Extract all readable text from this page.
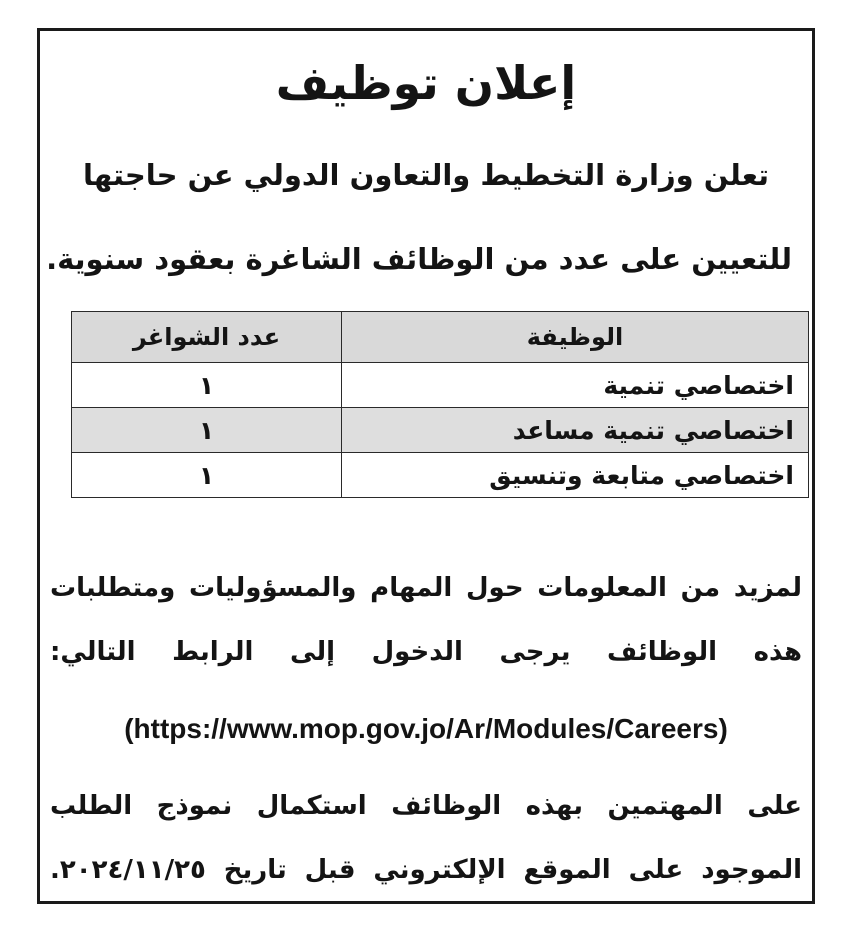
إعلان توظيف

تعلن وزارة التخطيط والتعاون الدولي عن حاجتها

للتعيين على عدد من الوظائف الشاغرة بعقود سنوية.

الوظيفة	عدد الشواغر
اختصاصي تنمية	١
اختصاصي تنمية مساعد	١
اختصاصي متابعة وتنسيق	١

لمزيد من المعلومات حول المهام والمسؤوليات ومتطلبات

هذه الوظائف يرجى الدخول إلى الرابط التالي:

(https://www.mop.gov.jo/Ar/Modules/Careers)

على المهتمين بهذه الوظائف استكمال نموذج الطلب

الموجود على الموقع الإلكتروني قبل تاريخ ٢٠٢٤/١١/٢٥.
